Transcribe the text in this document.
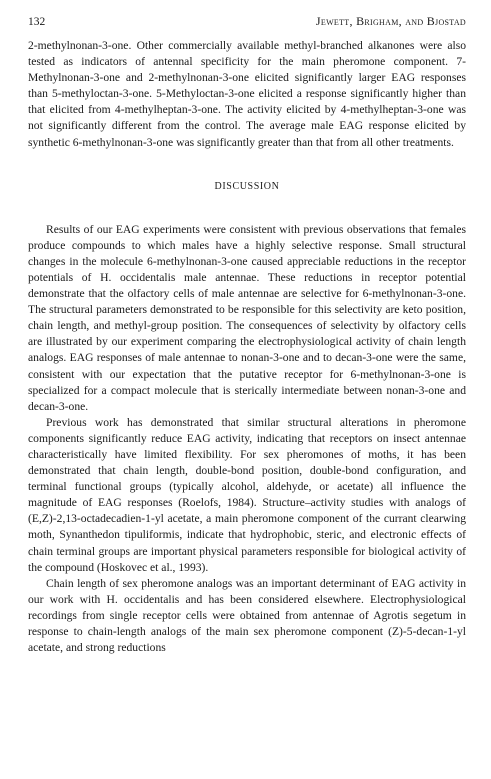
132	Jewett, Brigham, and Bjostad

2-methylnonan-3-one. Other commercially available methyl-branched alkanones were also tested as indicators of antennal specificity for the main pheromone component. 7-Methylnonan-3-one and 2-methylnonan-3-one elicited significantly larger EAG responses than 5-methyloctan-3-one. 5-Methyloctan-3-one elicited a response significantly higher than that elicited from 4-methylheptan-3-one. The activity elicited by 4-methylheptan-3-one was not significantly different from the control. The average male EAG response elicited by synthetic 6-methylnonan-3-one was significantly greater than that from all other treatments.

DISCUSSION

Results of our EAG experiments were consistent with previous observations that females produce compounds to which males have a highly selective response. Small structural changes in the molecule 6-methylnonan-3-one caused appreciable reductions in the receptor potentials of H. occidentalis male antennae. These reductions in receptor potential demonstrate that the olfactory cells of male antennae are selective for 6-methylnonan-3-one. The structural parameters demonstrated to be responsible for this selectivity are keto position, chain length, and methyl-group position. The consequences of selectivity by olfactory cells are illustrated by our experiment comparing the electrophysiological activity of chain length analogs. EAG responses of male antennae to nonan-3-one and to decan-3-one were the same, consistent with our expectation that the putative receptor for 6-methylnonan-3-one is specialized for a compact molecule that is sterically intermediate between nonan-3-one and decan-3-one.

Previous work has demonstrated that similar structural alterations in pheromone components significantly reduce EAG activity, indicating that receptors on insect antennae characteristically have limited flexibility. For sex pheromones of moths, it has been demonstrated that chain length, double-bond position, double-bond configuration, and terminal functional groups (typically alcohol, aldehyde, or acetate) all influence the magnitude of EAG responses (Roelofs, 1984). Structure–activity studies with analogs of (E,Z)-2,13-octadecadien-1-yl acetate, a main pheromone component of the currant clearwing moth, Synanthedon tipuliformis, indicate that hydrophobic, steric, and electronic effects of chain terminal groups are important physical parameters responsible for biological activity of the compound (Hoskovec et al., 1993).

Chain length of sex pheromone analogs was an important determinant of EAG activity in our work with H. occidentalis and has been considered elsewhere. Electrophysiological recordings from single receptor cells were obtained from antennae of Agrotis segetum in response to chain-length analogs of the main sex pheromone component (Z)-5-decan-1-yl acetate, and strong reductions
